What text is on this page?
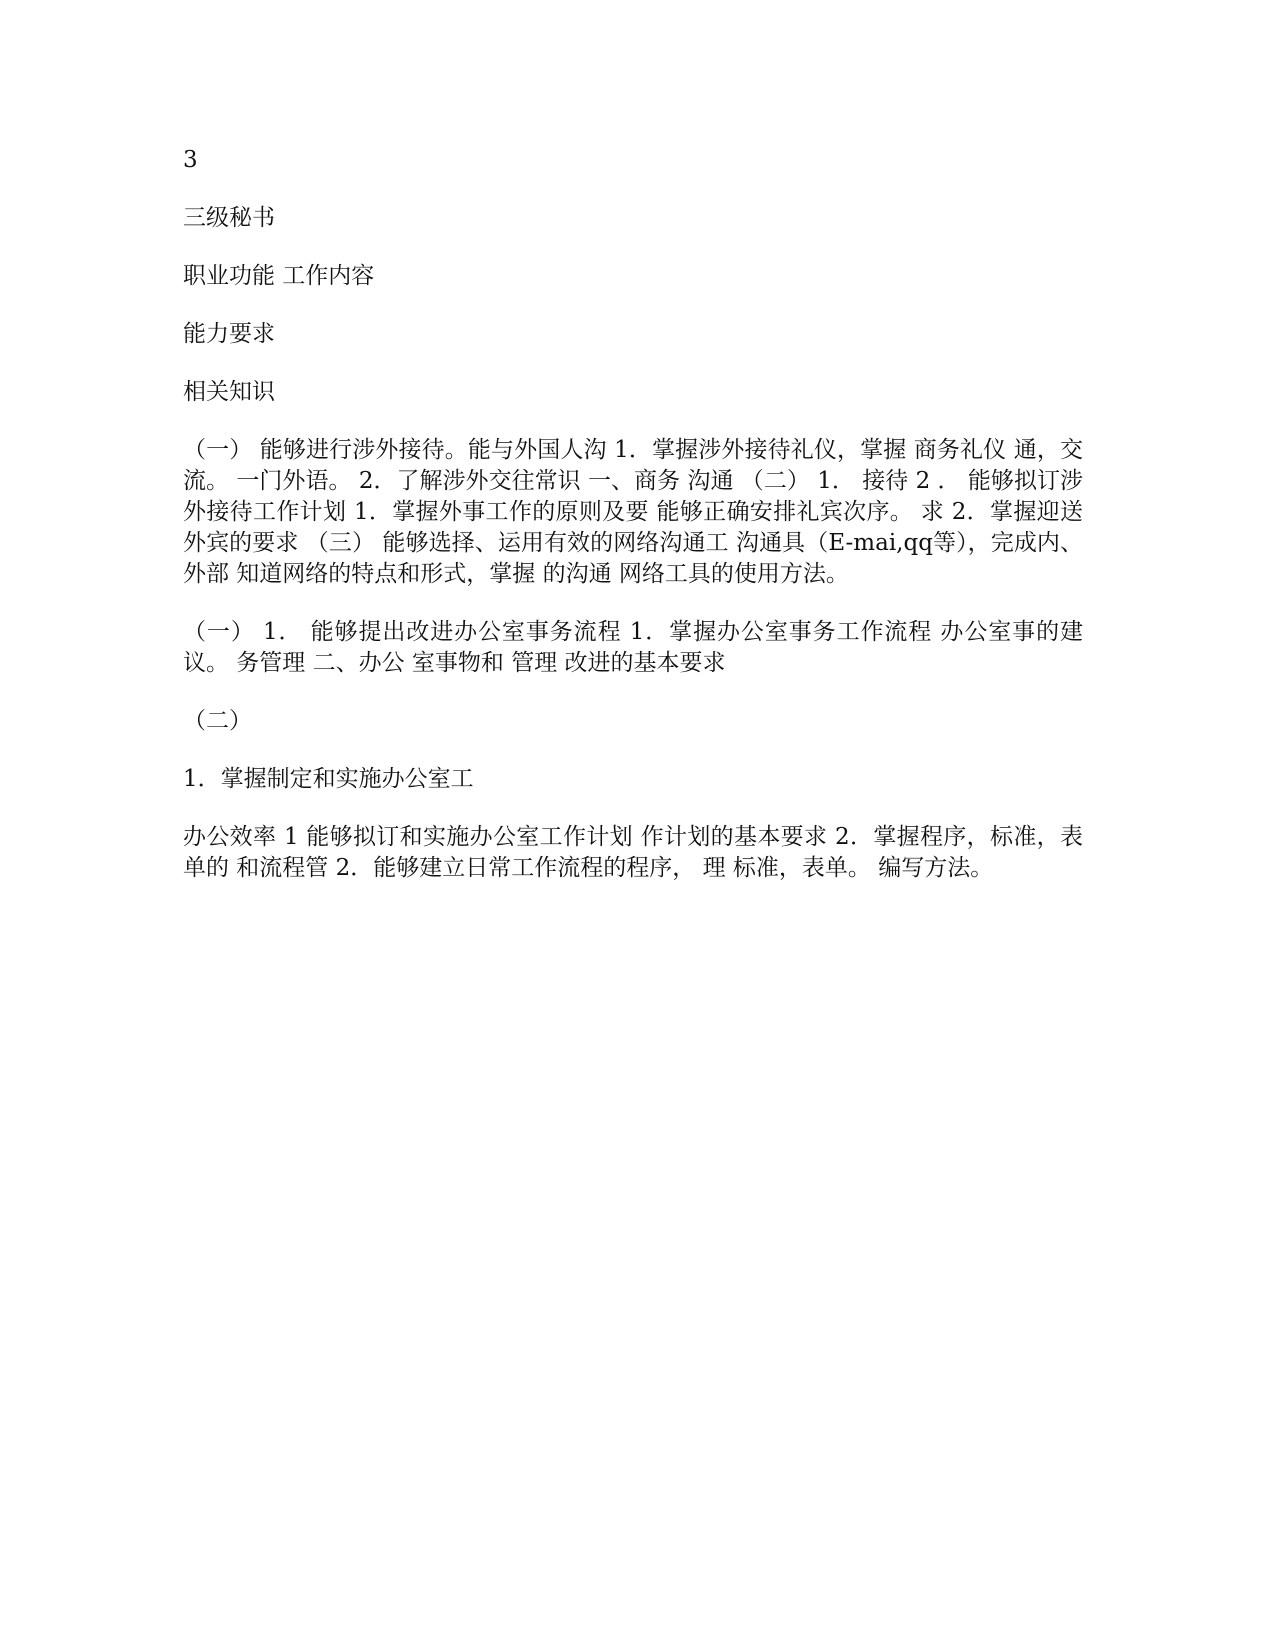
3

三级秘书

职业功能 工作内容

能力要求

相关知识

（一） 能够进行涉外接待。能与外国人沟 1．掌握涉外接待礼仪，掌握 商务礼仪 通，交流。 一门外语。 2．了解涉外交往常识 一、商务 沟通 （二） 1． 接待 2 ． 能够拟订涉外接待工作计划 1．掌握外事工作的原则及要 能够正确安排礼宾次序。 求 2．掌握迎送外宾的要求 （三） 能够选择、运用有效的网络沟通工 沟通具（E-mai,qq等），完成内、外部 知道网络的特点和形式，掌握 的沟通 网络工具的使用方法。

（一） 1． 能够提出改进办公室事务流程 1．掌握办公室事务工作流程 办公室事的建议。 务管理 二、办公 室事物和 管理 改进的基本要求

（二）

1．掌握制定和实施办公室工

办公效率 1 能够拟订和实施办公室工作计划 作计划的基本要求 2．掌握程序，标准，表单的 和流程管 2．能够建立日常工作流程的程序， 理 标准，表单。 编写方法。
